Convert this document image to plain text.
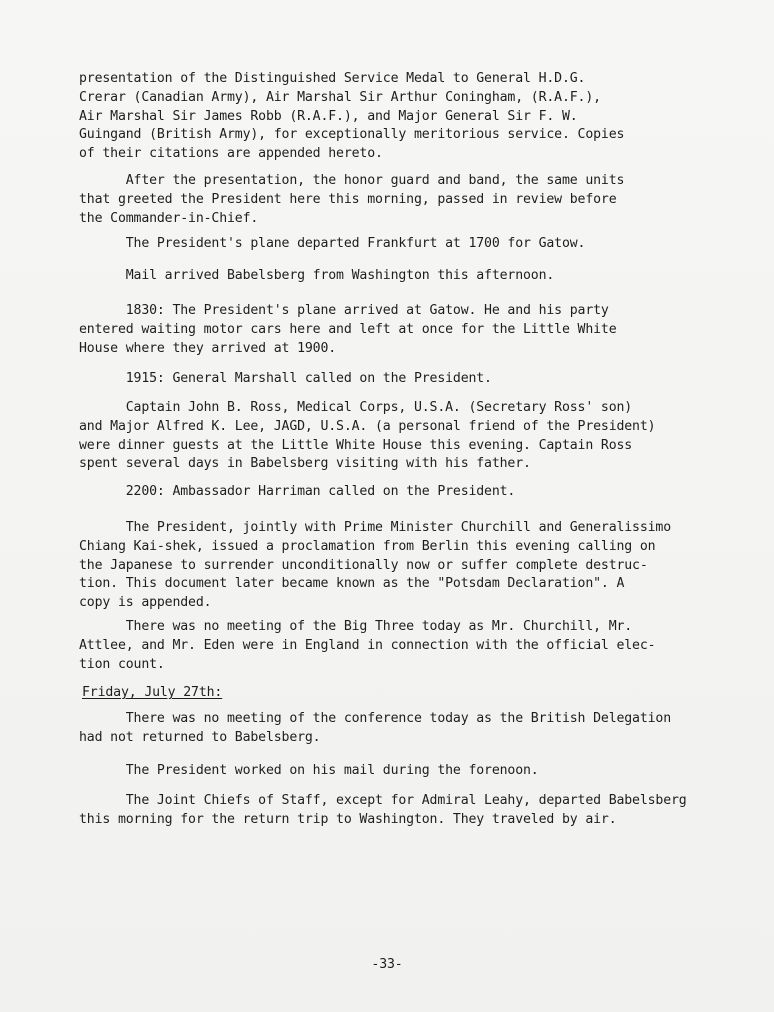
presentation of the Distinguished Service Medal to General H.D.G.
Crerar (Canadian Army), Air Marshal Sir Arthur Coningham, (R.A.F.),
Air Marshal Sir James Robb (R.A.F.), and Major General Sir F. W.
Guingand (British Army), for exceptionally meritorious service. Copies
of their citations are appended hereto.
After the presentation, the honor guard and band, the same units
that greeted the President here this morning, passed in review before
the Commander-in-Chief.
The President's plane departed Frankfurt at 1700 for Gatow.
Mail arrived Babelsberg from Washington this afternoon.
1830: The President's plane arrived at Gatow. He and his party
entered waiting motor cars here and left at once for the Little White
House where they arrived at 1900.
1915: General Marshall called on the President.
Captain John B. Ross, Medical Corps, U.S.A. (Secretary Ross' son)
and Major Alfred K. Lee, JAGD, U.S.A. (a personal friend of the President)
were dinner guests at the Little White House this evening. Captain Ross
spent several days in Babelsberg visiting with his father.
2200: Ambassador Harriman called on the President.
The President, jointly with Prime Minister Churchill and Generalissimo
Chiang Kai-shek, issued a proclamation from Berlin this evening calling on
the Japanese to surrender unconditionally now or suffer complete destruc-
tion. This document later became known as the "Potsdam Declaration". A
copy is appended.
There was no meeting of the Big Three today as Mr. Churchill, Mr.
Attlee, and Mr. Eden were in England in connection with the official elec-
tion count.
Friday, July 27th:
There was no meeting of the conference today as the British Delegation
had not returned to Babelsberg.
The President worked on his mail during the forenoon.
The Joint Chiefs of Staff, except for Admiral Leahy, departed Babelsberg
this morning for the return trip to Washington. They traveled by air.
-33-
